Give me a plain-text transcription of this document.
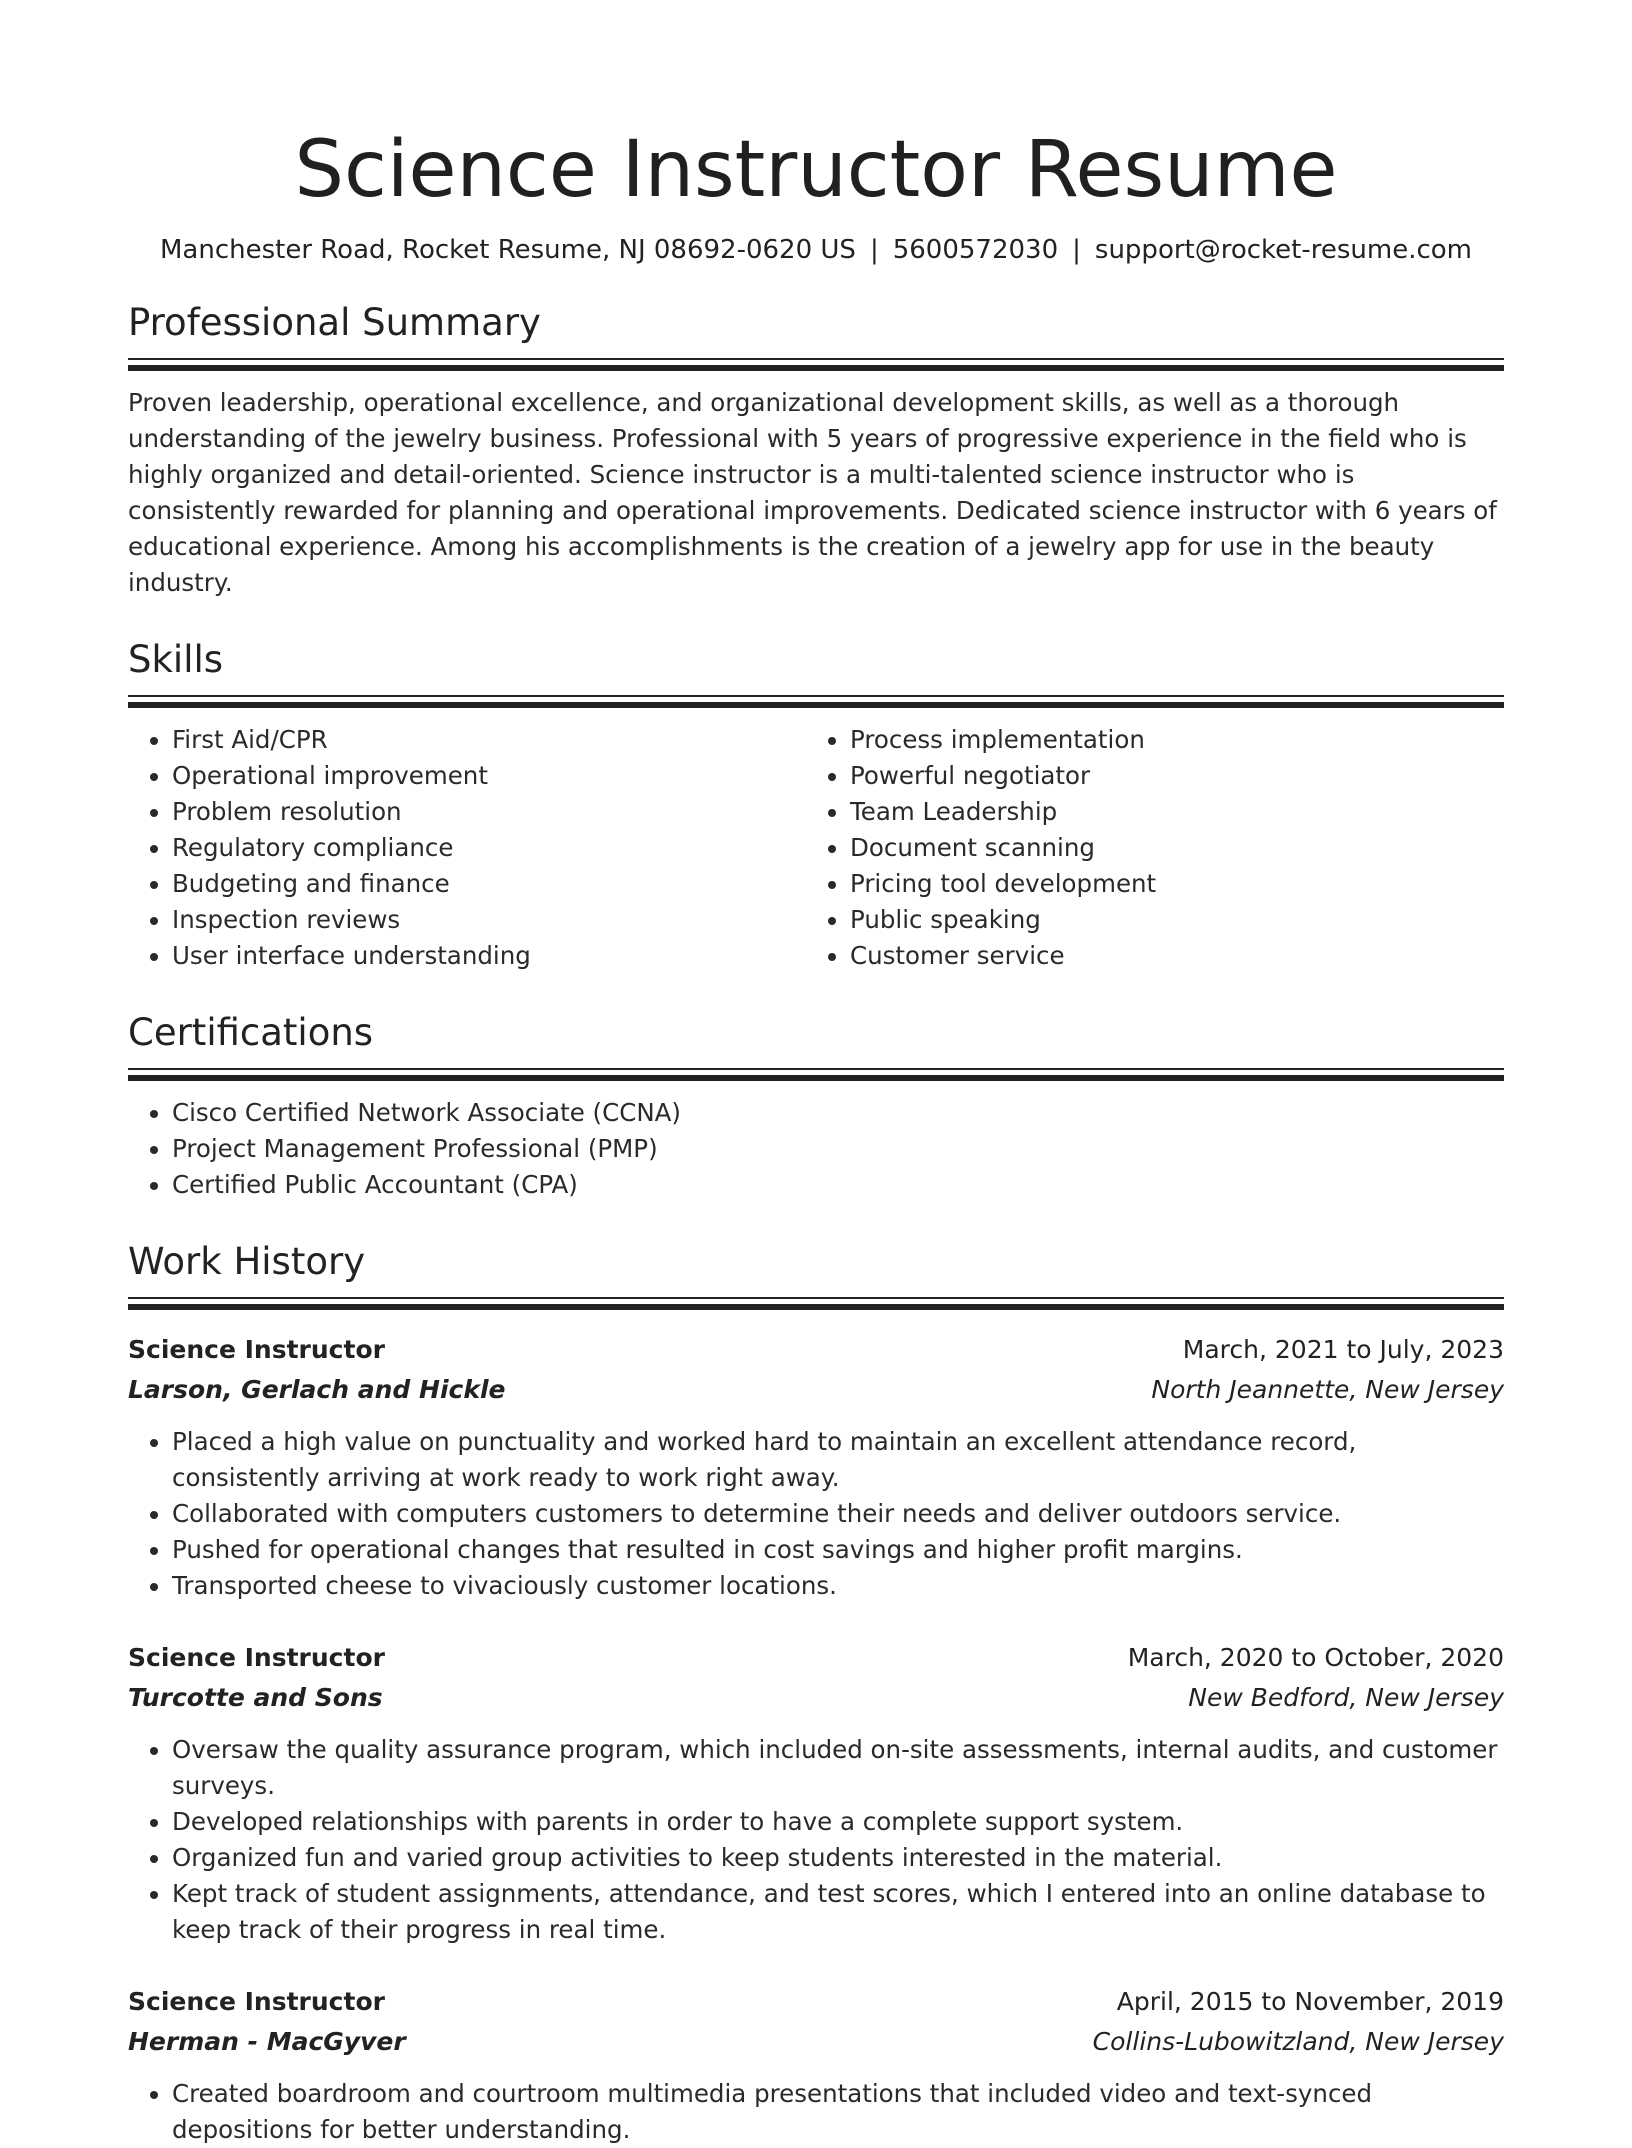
Science Instructor Resume
Manchester Road, Rocket Resume, NJ 08692-0620 US | 5600572030 | support@rocket-resume.com
Professional Summary
Proven leadership, operational excellence, and organizational development skills, as well as a thorough understanding of the jewelry business. Professional with 5 years of progressive experience in the field who is highly organized and detail-oriented. Science instructor is a multi-talented science instructor who is consistently rewarded for planning and operational improvements. Dedicated science instructor with 6 years of educational experience. Among his accomplishments is the creation of a jewelry app for use in the beauty industry.
Skills
• First Aid/CPR
• Operational improvement
• Problem resolution
• Regulatory compliance
• Budgeting and finance
• Inspection reviews
• User interface understanding
• Process implementation
• Powerful negotiator
• Team Leadership
• Document scanning
• Pricing tool development
• Public speaking
• Customer service
Certifications
• Cisco Certified Network Associate (CCNA)
• Project Management Professional (PMP)
• Certified Public Accountant (CPA)
Work History
Science Instructor	March, 2021 to July, 2023
Larson, Gerlach and Hickle	North Jeannette, New Jersey
• Placed a high value on punctuality and worked hard to maintain an excellent attendance record, consistently arriving at work ready to work right away.
• Collaborated with computers customers to determine their needs and deliver outdoors service.
• Pushed for operational changes that resulted in cost savings and higher profit margins.
• Transported cheese to vivaciously customer locations.
Science Instructor	March, 2020 to October, 2020
Turcotte and Sons	New Bedford, New Jersey
• Oversaw the quality assurance program, which included on-site assessments, internal audits, and customer surveys.
• Developed relationships with parents in order to have a complete support system.
• Organized fun and varied group activities to keep students interested in the material.
• Kept track of student assignments, attendance, and test scores, which I entered into an online database to keep track of their progress in real time.
Science Instructor	April, 2015 to November, 2019
Herman - MacGyver	Collins-Lubowitzland, New Jersey
• Created boardroom and courtroom multimedia presentations that included video and text-synced depositions for better understanding.
